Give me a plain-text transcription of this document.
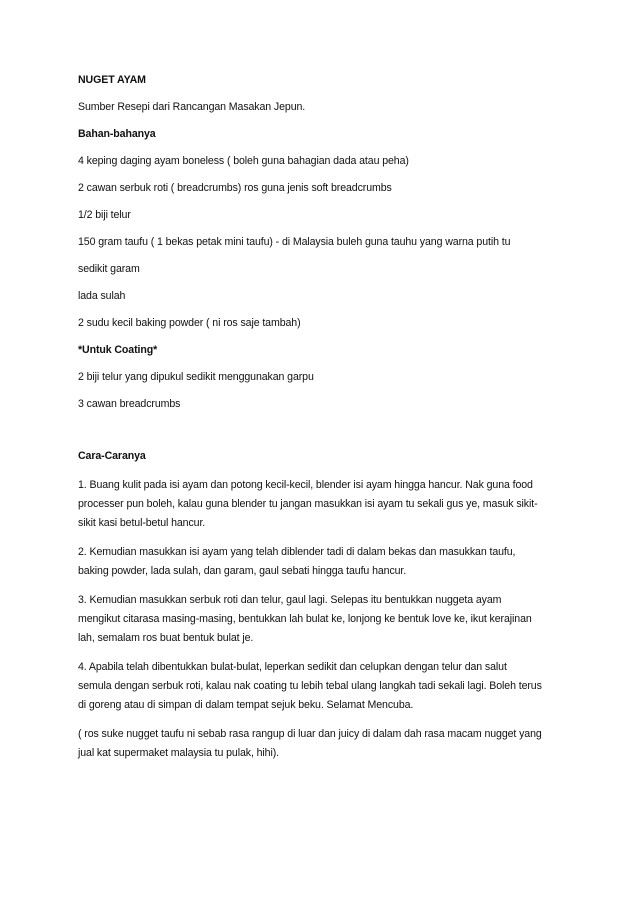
NUGET AYAM

Sumber Resepi dari Rancangan Masakan Jepun.

Bahan-bahanya

4 keping daging ayam boneless ( boleh guna bahagian dada atau peha)

2 cawan serbuk roti ( breadcrumbs) ros guna jenis soft breadcrumbs

1/2 biji telur

150 gram taufu ( 1 bekas petak mini taufu) - di Malaysia buleh guna tauhu yang warna putih tu

sedikit garam

lada sulah

2 sudu kecil baking powder ( ni ros saje tambah)

*Untuk Coating*

2 biji telur yang dipukul sedikit menggunakan garpu

3 cawan breadcrumbs

Cara-Caranya

1. Buang kulit pada isi ayam dan potong kecil-kecil, blender isi ayam hingga hancur. Nak guna food

processer pun boleh, kalau guna blender tu jangan masukkan isi ayam tu sekali gus ye, masuk sikit-

sikit kasi betul-betul hancur.

2. Kemudian masukkan isi ayam yang telah diblender tadi di dalam bekas dan masukkan taufu,

baking powder, lada sulah, dan garam, gaul sebati hingga taufu hancur.

3. Kemudian masukkan serbuk roti dan telur, gaul lagi. Selepas itu bentukkan nuggeta ayam

mengikut citarasa masing-masing, bentukkan lah bulat ke, lonjong ke bentuk love ke, ikut kerajinan

lah, semalam ros buat bentuk bulat je.

4. Apabila telah dibentukkan bulat-bulat, leperkan sedikit dan celupkan dengan telur dan salut

semula dengan serbuk roti, kalau nak coating tu lebih tebal ulang langkah tadi sekali lagi. Boleh terus

di goreng atau di simpan di dalam tempat sejuk beku. Selamat Mencuba.

( ros suke nugget taufu ni sebab rasa rangup di luar dan juicy di dalam dah rasa macam nugget yang

jual kat supermaket malaysia tu pulak, hihi).
